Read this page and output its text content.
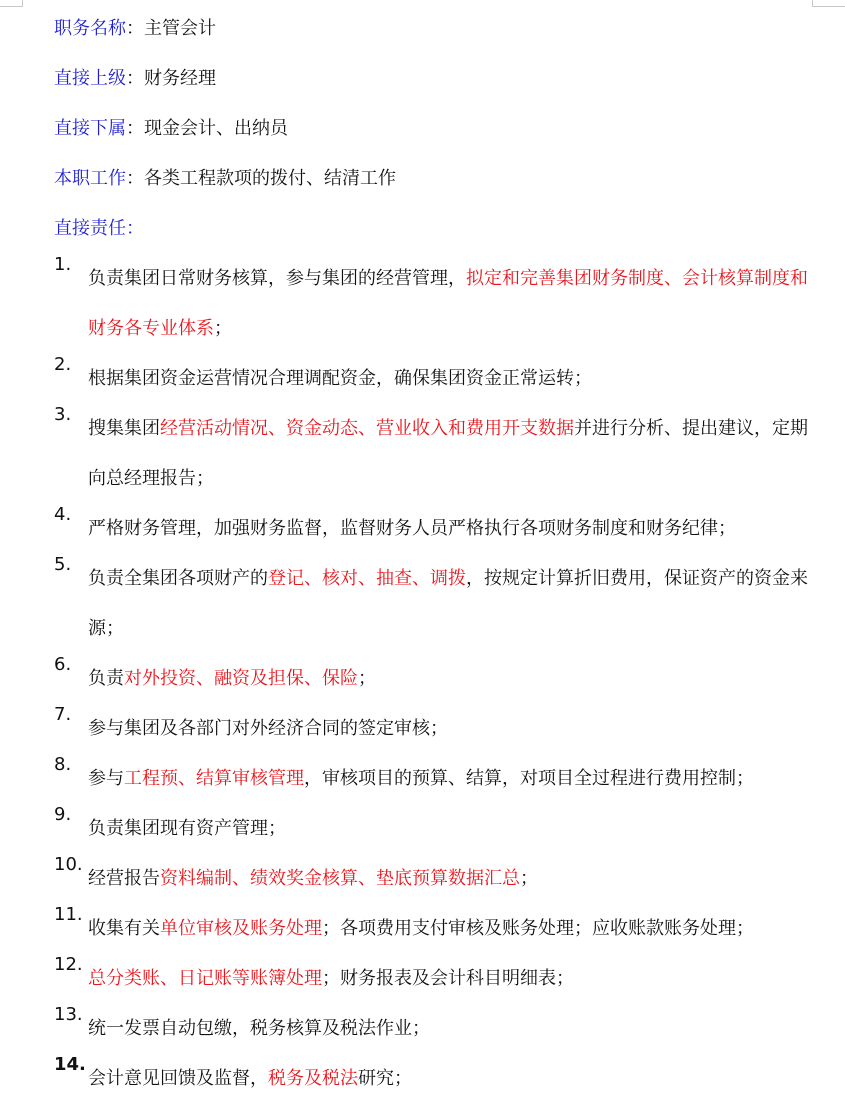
职务名称：主管会计
直接上级：财务经理
直接下属：现金会计、出纳员
本职工作：各类工程款项的拨付、结清工作
直接责任：
1.
负责集团日常财务核算，参与集团的经营管理，拟定和完善集团财务制度、会计核算制度和财务各专业体系；
2.
根据集团资金运营情况合理调配资金，确保集团资金正常运转；
3.
搜集集团经营活动情况、资金动态、营业收入和费用开支数据并进行分析、提出建议，定期向总经理报告；
4.
严格财务管理，加强财务监督，监督财务人员严格执行各项财务制度和财务纪律；
5.
负责全集团各项财产的登记、核对、抽查、调拨，按规定计算折旧费用，保证资产的资金来源；
6.
负责对外投资、融资及担保、保险；
7.
参与集团及各部门对外经济合同的签定审核；
8.
参与工程预、结算审核管理，审核项目的预算、结算，对项目全过程进行费用控制；
9.
负责集团现有资产管理；
10.
经营报告资料编制、绩效奖金核算、垫底预算数据汇总；
11.
收集有关单位审核及账务处理；各项费用支付审核及账务处理；应收账款账务处理；
12.
总分类账、日记账等账簿处理；财务报表及会计科目明细表；
13.
统一发票自动包缴，税务核算及税法作业；
14.
会计意见回馈及监督，税务及税法研究；
